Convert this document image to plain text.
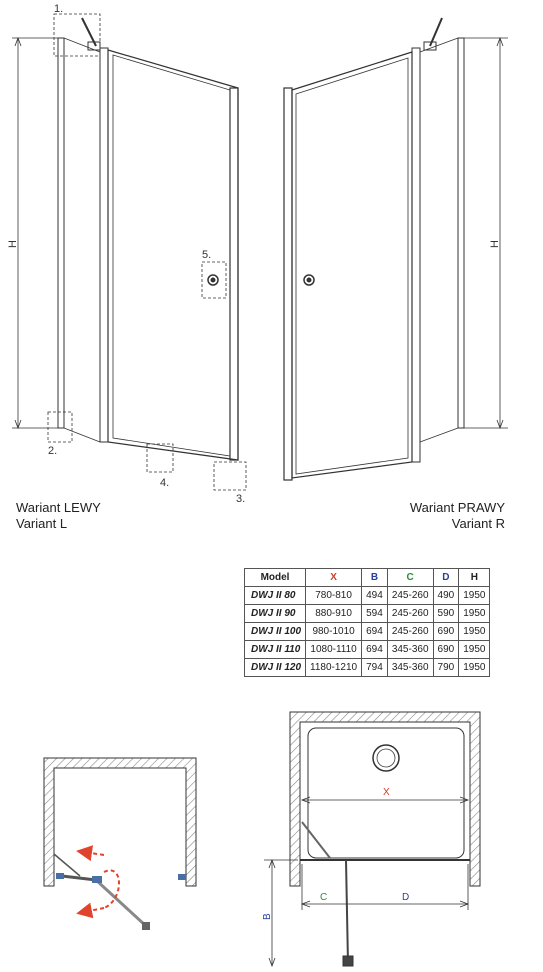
H	H
X
B
C	D
1.
2.
3.
4.
5.
Wariant LEWY
Variant L
Wariant PRAWY
Variant R
Model	X	B	C	D	H
DWJ II 80	780-810	494	245-260	490	1950
DWJ II 90	880-910	594	245-260	590	1950
DWJ II 100	980-1010	694	245-260	690	1950
DWJ II 110	1080-1110	694	345-360	690	1950
DWJ II 120	1180-1210	794	345-360	790	1950
